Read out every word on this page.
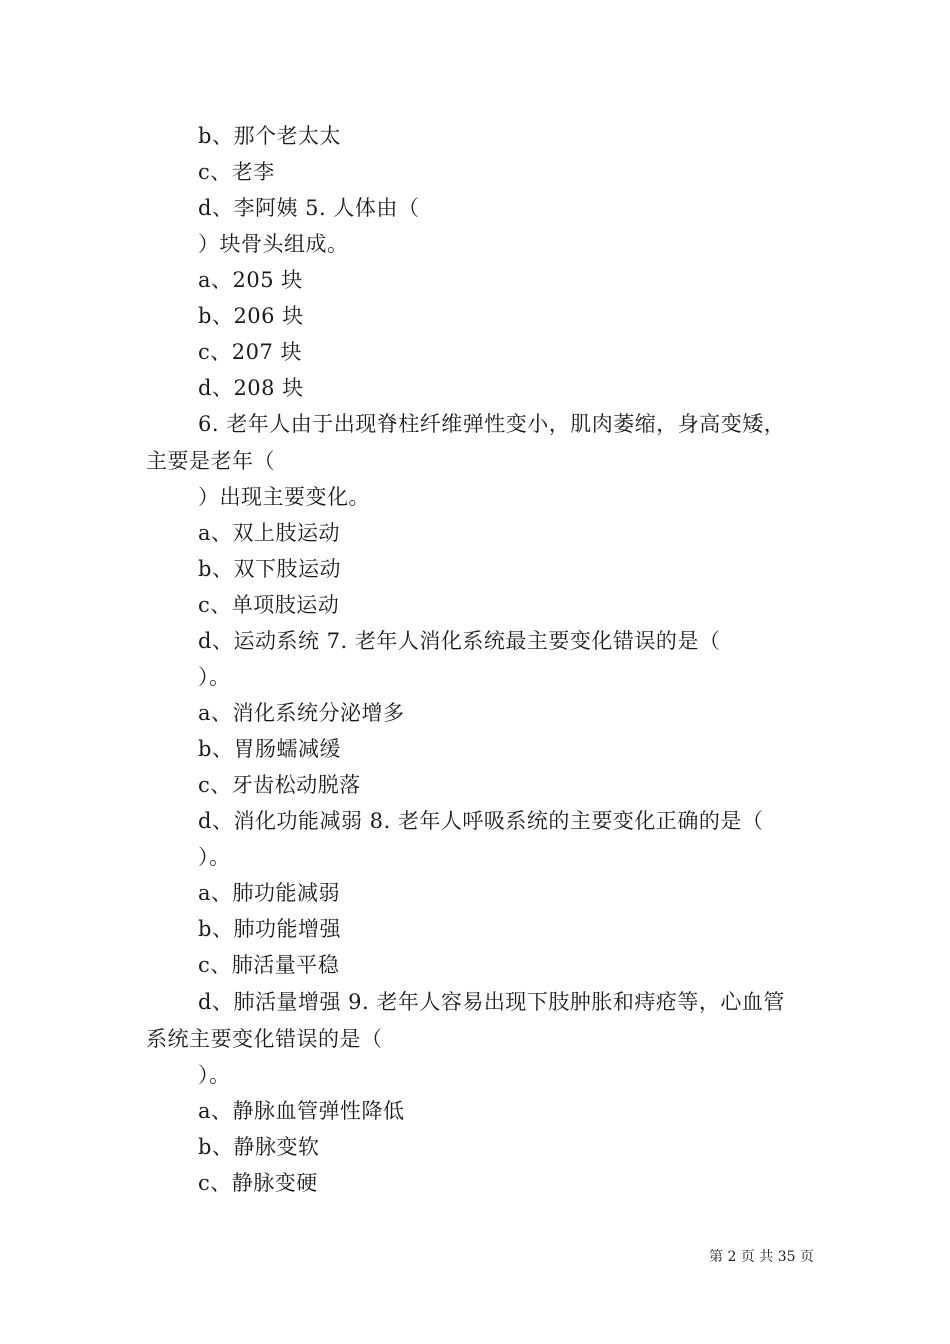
b、那个老太太
c、老李
d、李阿姨 5. 人体由（
）块骨头组成。
a、205 块
b、206 块
c、207 块
d、208 块
6. 老年人由于出现脊柱纤维弹性变小，肌肉萎缩，身高变矮，
主要是老年（
）出现主要变化。
a、双上肢运动
b、双下肢运动
c、单项肢运动
d、运动系统 7. 老年人消化系统最主要变化错误的是（
）。
a、消化系统分泌增多
b、胃肠蠕减缓
c、牙齿松动脱落
d、消化功能减弱 8. 老年人呼吸系统的主要变化正确的是（
）。
a、肺功能减弱
b、肺功能增强
c、肺活量平稳
d、肺活量增强 9. 老年人容易出现下肢肿胀和痔疮等，心血管
系统主要变化错误的是（
）。
a、静脉血管弹性降低
b、静脉变软
c、静脉变硬
第 2 页 共 35 页
